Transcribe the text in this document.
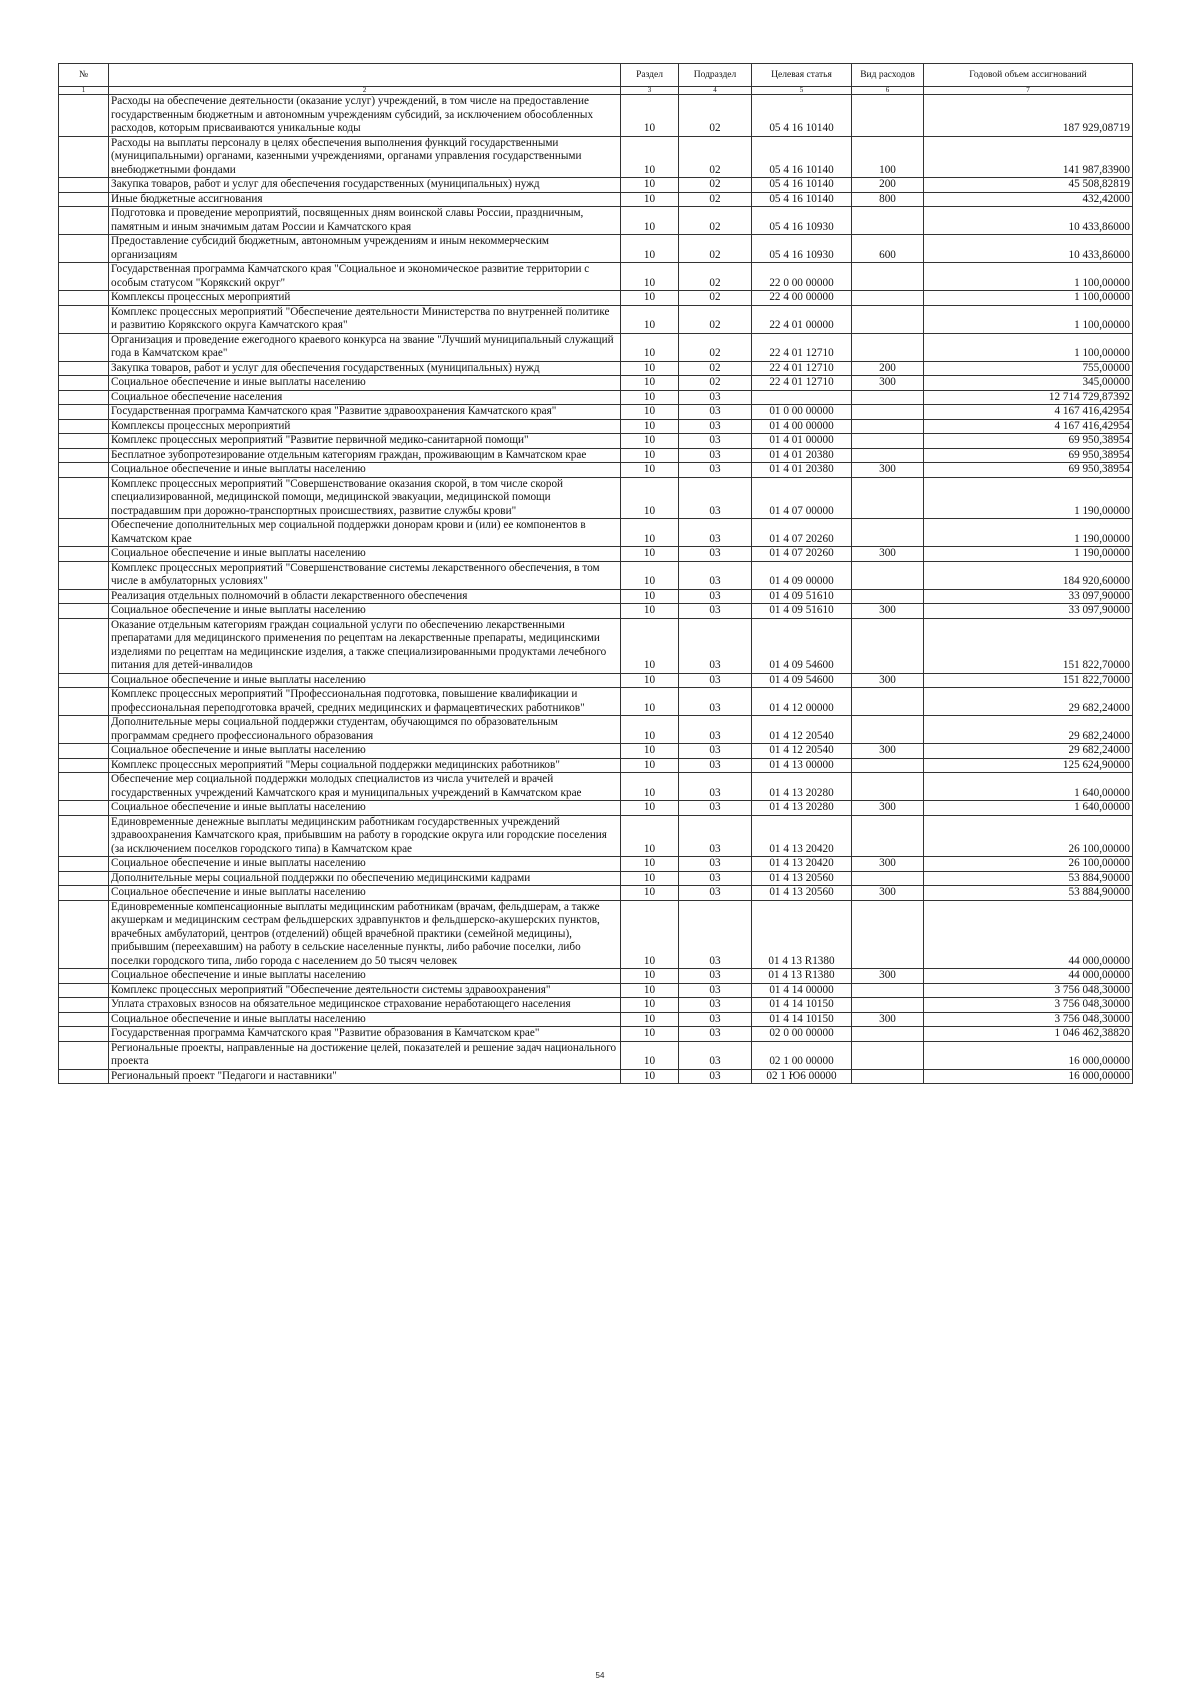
№		Раздел	Подраздел	Целевая статья	Вид расходов	Годовой объем ассигнований
1	2	3	4	5	6	7
	Расходы на обеспечение деятельности (оказание услуг) учреждений, в том числе на предоставление государственным бюджетным и автономным учреждениям субсидий, за исключением обособленных расходов, которым присваиваются уникальные коды	10	02	05 4 16 10140		187 929,08719
	Расходы на выплаты персоналу в целях обеспечения выполнения функций государственными (муниципальными) органами, казенными учреждениями, органами управления государственными внебюджетными фондами	10	02	05 4 16 10140	100	141 987,83900
	Закупка товаров, работ и услуг для обеспечения государственных (муниципальных) нужд	10	02	05 4 16 10140	200	45 508,82819
	Иные бюджетные ассигнования	10	02	05 4 16 10140	800	432,42000
	Подготовка и проведение мероприятий, посвященных дням воинской славы России, праздничным, памятным и иным значимым датам России и Камчатского края	10	02	05 4 16 10930		10 433,86000
	Предоставление субсидий бюджетным, автономным учреждениям и иным некоммерческим организациям	10	02	05 4 16 10930	600	10 433,86000
	Государственная программа Камчатского края "Социальное и экономическое развитие территории с особым статусом "Корякский округ"	10	02	22 0 00 00000		1 100,00000
	Комплексы процессных мероприятий	10	02	22 4 00 00000		1 100,00000
	Комплекс процессных мероприятий "Обеспечение деятельности Министерства по внутренней политике и развитию Корякского округа Камчатского края"	10	02	22 4 01 00000		1 100,00000
	Организация и проведение ежегодного краевого конкурса на звание "Лучший муниципальный служащий года в Камчатском крае"	10	02	22 4 01 12710		1 100,00000
	Закупка товаров, работ и услуг для обеспечения государственных (муниципальных) нужд	10	02	22 4 01 12710	200	755,00000
	Социальное обеспечение и иные выплаты населению	10	02	22 4 01 12710	300	345,00000
	Социальное обеспечение населения	10	03			12 714 729,87392
	Государственная программа Камчатского края "Развитие здравоохранения Камчатского края"	10	03	01 0 00 00000		4 167 416,42954
	Комплексы процессных мероприятий	10	03	01 4 00 00000		4 167 416,42954
	Комплекс процессных мероприятий "Развитие первичной медико-санитарной помощи"	10	03	01 4 01 00000		69 950,38954
	Бесплатное зубопротезирование отдельным категориям граждан, проживающим в Камчатском крае	10	03	01 4 01 20380		69 950,38954
	Социальное обеспечение и иные выплаты населению	10	03	01 4 01 20380	300	69 950,38954
	Комплекс процессных мероприятий "Совершенствование оказания скорой, в том числе скорой специализированной, медицинской помощи, медицинской эвакуации, медицинской помощи пострадавшим при дорожно-транспортных происшествиях, развитие службы крови"	10	03	01 4 07 00000		1 190,00000
	Обеспечение дополнительных мер социальной поддержки донорам крови и (или) ее компонентов в Камчатском крае	10	03	01 4 07 20260		1 190,00000
	Социальное обеспечение и иные выплаты населению	10	03	01 4 07 20260	300	1 190,00000
	Комплекс процессных мероприятий "Совершенствование системы лекарственного обеспечения, в том числе в амбулаторных условиях"	10	03	01 4 09 00000		184 920,60000
	Реализация отдельных полномочий в области лекарственного обеспечения	10	03	01 4 09 51610		33 097,90000
	Социальное обеспечение и иные выплаты населению	10	03	01 4 09 51610	300	33 097,90000
	Оказание отдельным категориям граждан социальной услуги по обеспечению лекарственными препаратами для медицинского применения по рецептам на лекарственные препараты, медицинскими изделиями по рецептам на медицинские изделия, а также специализированными продуктами лечебного питания для детей-инвалидов	10	03	01 4 09 54600		151 822,70000
	Социальное обеспечение и иные выплаты населению	10	03	01 4 09 54600	300	151 822,70000
	Комплекс процессных мероприятий "Профессиональная подготовка, повышение квалификации и профессиональная переподготовка врачей, средних медицинских и фармацевтических работников"	10	03	01 4 12 00000		29 682,24000
	Дополнительные меры социальной поддержки студентам, обучающимся по образовательным программам среднего профессионального образования	10	03	01 4 12 20540		29 682,24000
	Социальное обеспечение и иные выплаты населению	10	03	01 4 12 20540	300	29 682,24000
	Комплекс процессных мероприятий "Меры социальной поддержки медицинских работников"	10	03	01 4 13 00000		125 624,90000
	Обеспечение мер социальной поддержки молодых специалистов из числа учителей и врачей государственных учреждений Камчатского края и муниципальных учреждений в Камчатском крае	10	03	01 4 13 20280		1 640,00000
	Социальное обеспечение и иные выплаты населению	10	03	01 4 13 20280	300	1 640,00000
	Единовременные денежные выплаты медицинским работникам государственных учреждений здравоохранения Камчатского края, прибывшим на работу в городские округа или городские поселения (за исключением поселков городского типа) в Камчатском крае	10	03	01 4 13 20420		26 100,00000
	Социальное обеспечение и иные выплаты населению	10	03	01 4 13 20420	300	26 100,00000
	Дополнительные меры социальной поддержки по обеспечению медицинскими кадрами	10	03	01 4 13 20560		53 884,90000
	Социальное обеспечение и иные выплаты населению	10	03	01 4 13 20560	300	53 884,90000
	Единовременные компенсационные выплаты медицинским работникам (врачам, фельдшерам, а также акушеркам и медицинским сестрам фельдшерских здравпунктов и фельдшерско-акушерских пунктов, врачебных амбулаторий, центров (отделений) общей врачебной практики (семейной медицины), прибывшим (переехавшим) на работу в сельские населенные пункты, либо рабочие поселки, либо поселки городского типа, либо города с населением до 50 тысяч человек	10	03	01 4 13 R1380		44 000,00000
	Социальное обеспечение и иные выплаты населению	10	03	01 4 13 R1380	300	44 000,00000
	Комплекс процессных мероприятий "Обеспечение деятельности системы здравоохранения"	10	03	01 4 14 00000		3 756 048,30000
	Уплата страховых взносов на обязательное медицинское страхование неработающего населения	10	03	01 4 14 10150		3 756 048,30000
	Социальное обеспечение и иные выплаты населению	10	03	01 4 14 10150	300	3 756 048,30000
	Государственная программа Камчатского края "Развитие образования в Камчатском крае"	10	03	02 0 00 00000		1 046 462,38820
	Региональные проекты, направленные на достижение целей, показателей и решение задач национального проекта	10	03	02 1 00 00000		16 000,00000
	Региональный проект "Педагоги и наставники"	10	03	02 1 Ю6 00000		16 000,00000
54
